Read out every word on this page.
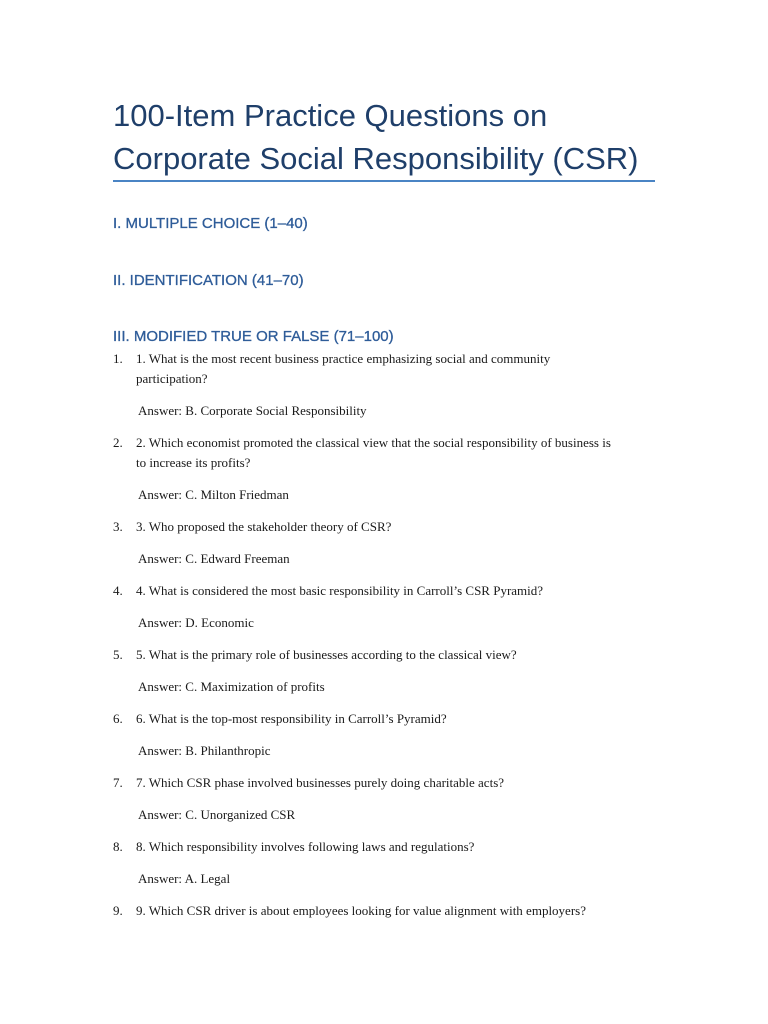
100-Item Practice Questions on Corporate Social Responsibility (CSR)
I. MULTIPLE CHOICE (1–40)
II. IDENTIFICATION (41–70)
III. MODIFIED TRUE OR FALSE (71–100)
1. 1. What is the most recent business practice emphasizing social and community participation?
Answer: B. Corporate Social Responsibility
2. 2. Which economist promoted the classical view that the social responsibility of business is to increase its profits?
Answer: C. Milton Friedman
3. 3. Who proposed the stakeholder theory of CSR?
Answer: C. Edward Freeman
4. 4. What is considered the most basic responsibility in Carroll’s CSR Pyramid?
Answer: D. Economic
5. 5. What is the primary role of businesses according to the classical view?
Answer: C. Maximization of profits
6. 6. What is the top-most responsibility in Carroll’s Pyramid?
Answer: B. Philanthropic
7. 7. Which CSR phase involved businesses purely doing charitable acts?
Answer: C. Unorganized CSR
8. 8. Which responsibility involves following laws and regulations?
Answer: A. Legal
9. 9. Which CSR driver is about employees looking for value alignment with employers?
